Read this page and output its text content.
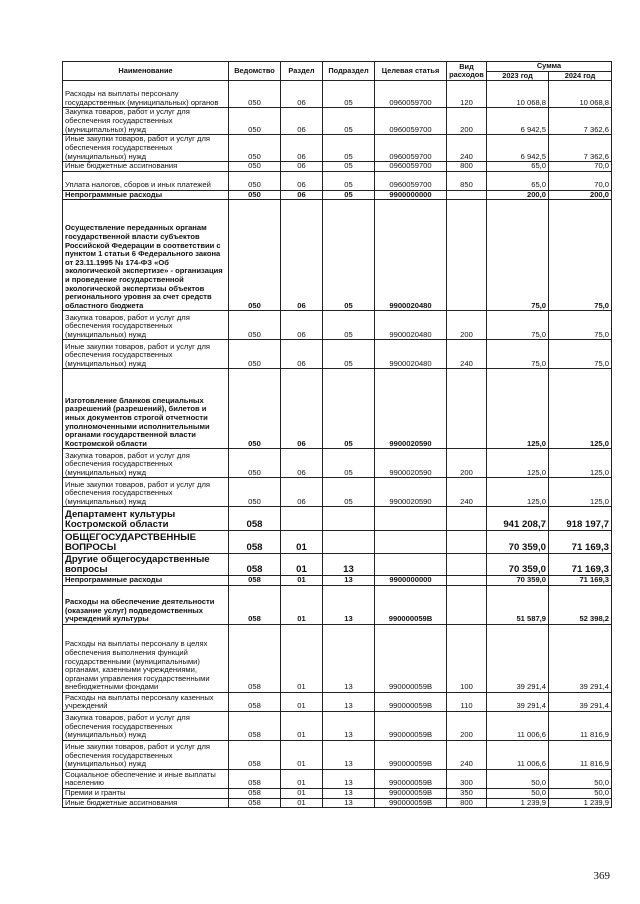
Наименование	Ведомство	Раздел	Подраздел	Целевая статья	Вид расходов	Сумма	
						2023 год	2024 год
Расходы на выплаты персоналу государственных (муниципальных) органов	050	06	05	0960059700	120	10 068,8	10 068,8
Закупка товаров, работ и услуг для обеспечения государственных (муниципальных) нужд	050	06	05	0960059700	200	6 942,5	7 362,6
Иные закупки товаров, работ и услуг для обеспечения государственных (муниципальных) нужд	050	06	05	0960059700	240	6 942,5	7 362,6
Иные бюджетные ассигнования	050	06	05	0960059700	800	65,0	70,0
Уплата налогов, сборов и иных платежей	050	06	05	0960059700	850	65,0	70,0
Непрограммные расходы	050	06	05	9900000000		200,0	200,0
Осуществление переданных органам государственной власти субъектов Российской Федерации в соответствии с пунктом 1 статьи 6 Федерального закона от 23.11.1995 № 174-ФЗ «Об экологической экспертизе» - организация и проведение государственной экологической экспертизы объектов регионального уровня за счет средств областного бюджета	050	06	05	9900020480		75,0	75,0
Закупка товаров, работ и услуг для обеспечения государственных (муниципальных) нужд	050	06	05	9900020480	200	75,0	75,0
Иные закупки товаров, работ и услуг для обеспечения государственных (муниципальных) нужд	050	06	05	9900020480	240	75,0	75,0
Изготовление бланков специальных разрешений (разрешений), билетов и иных документов строгой отчетности уполномоченными исполнительными органами государственной власти Костромской области	050	06	05	9900020590		125,0	125,0
Закупка товаров, работ и услуг для обеспечения государственных (муниципальных) нужд	050	06	05	9900020590	200	125,0	125,0
Иные закупки товаров, работ и услуг для обеспечения государственных (муниципальных) нужд	050	06	05	9900020590	240	125,0	125,0
Департамент культуры Костромской области	058					941 208,7	918 197,7
ОБЩЕГОСУДАРСТВЕННЫЕ ВОПРОСЫ	058	01				70 359,0	71 169,3
Другие общегосударственные вопросы	058	01	13			70 359,0	71 169,3
Непрограммные расходы	058	01	13	9900000000		70 359,0	71 169,3
Расходы на обеспечение деятельности (оказание услуг) подведомственных учреждений культуры	058	01	13	990000059В		51 587,9	52 398,2
Расходы на выплаты персоналу в целях обеспечения выполнения функций государственными (муниципальными) органами, казенными учреждениями, органами управления государственными внебюджетными фондами	058	01	13	990000059В	100	39 291,4	39 291,4
Расходы на выплаты персоналу казенных учреждений	058	01	13	990000059В	110	39 291,4	39 291,4
Закупка товаров, работ и услуг для обеспечения государственных (муниципальных) нужд	058	01	13	990000059В	200	11 006,6	11 816,9
Иные закупки товаров, работ и услуг для обеспечения государственных (муниципальных) нужд	058	01	13	990000059В	240	11 006,6	11 816,9
Социальное обеспечение и иные выплаты населению	058	01	13	990000059В	300	50,0	50,0
Премии и гранты	058	01	13	990000059В	350	50,0	50,0
Иные бюджетные ассигнования	058	01	13	990000059В	800	1 239,9	1 239,9
369
